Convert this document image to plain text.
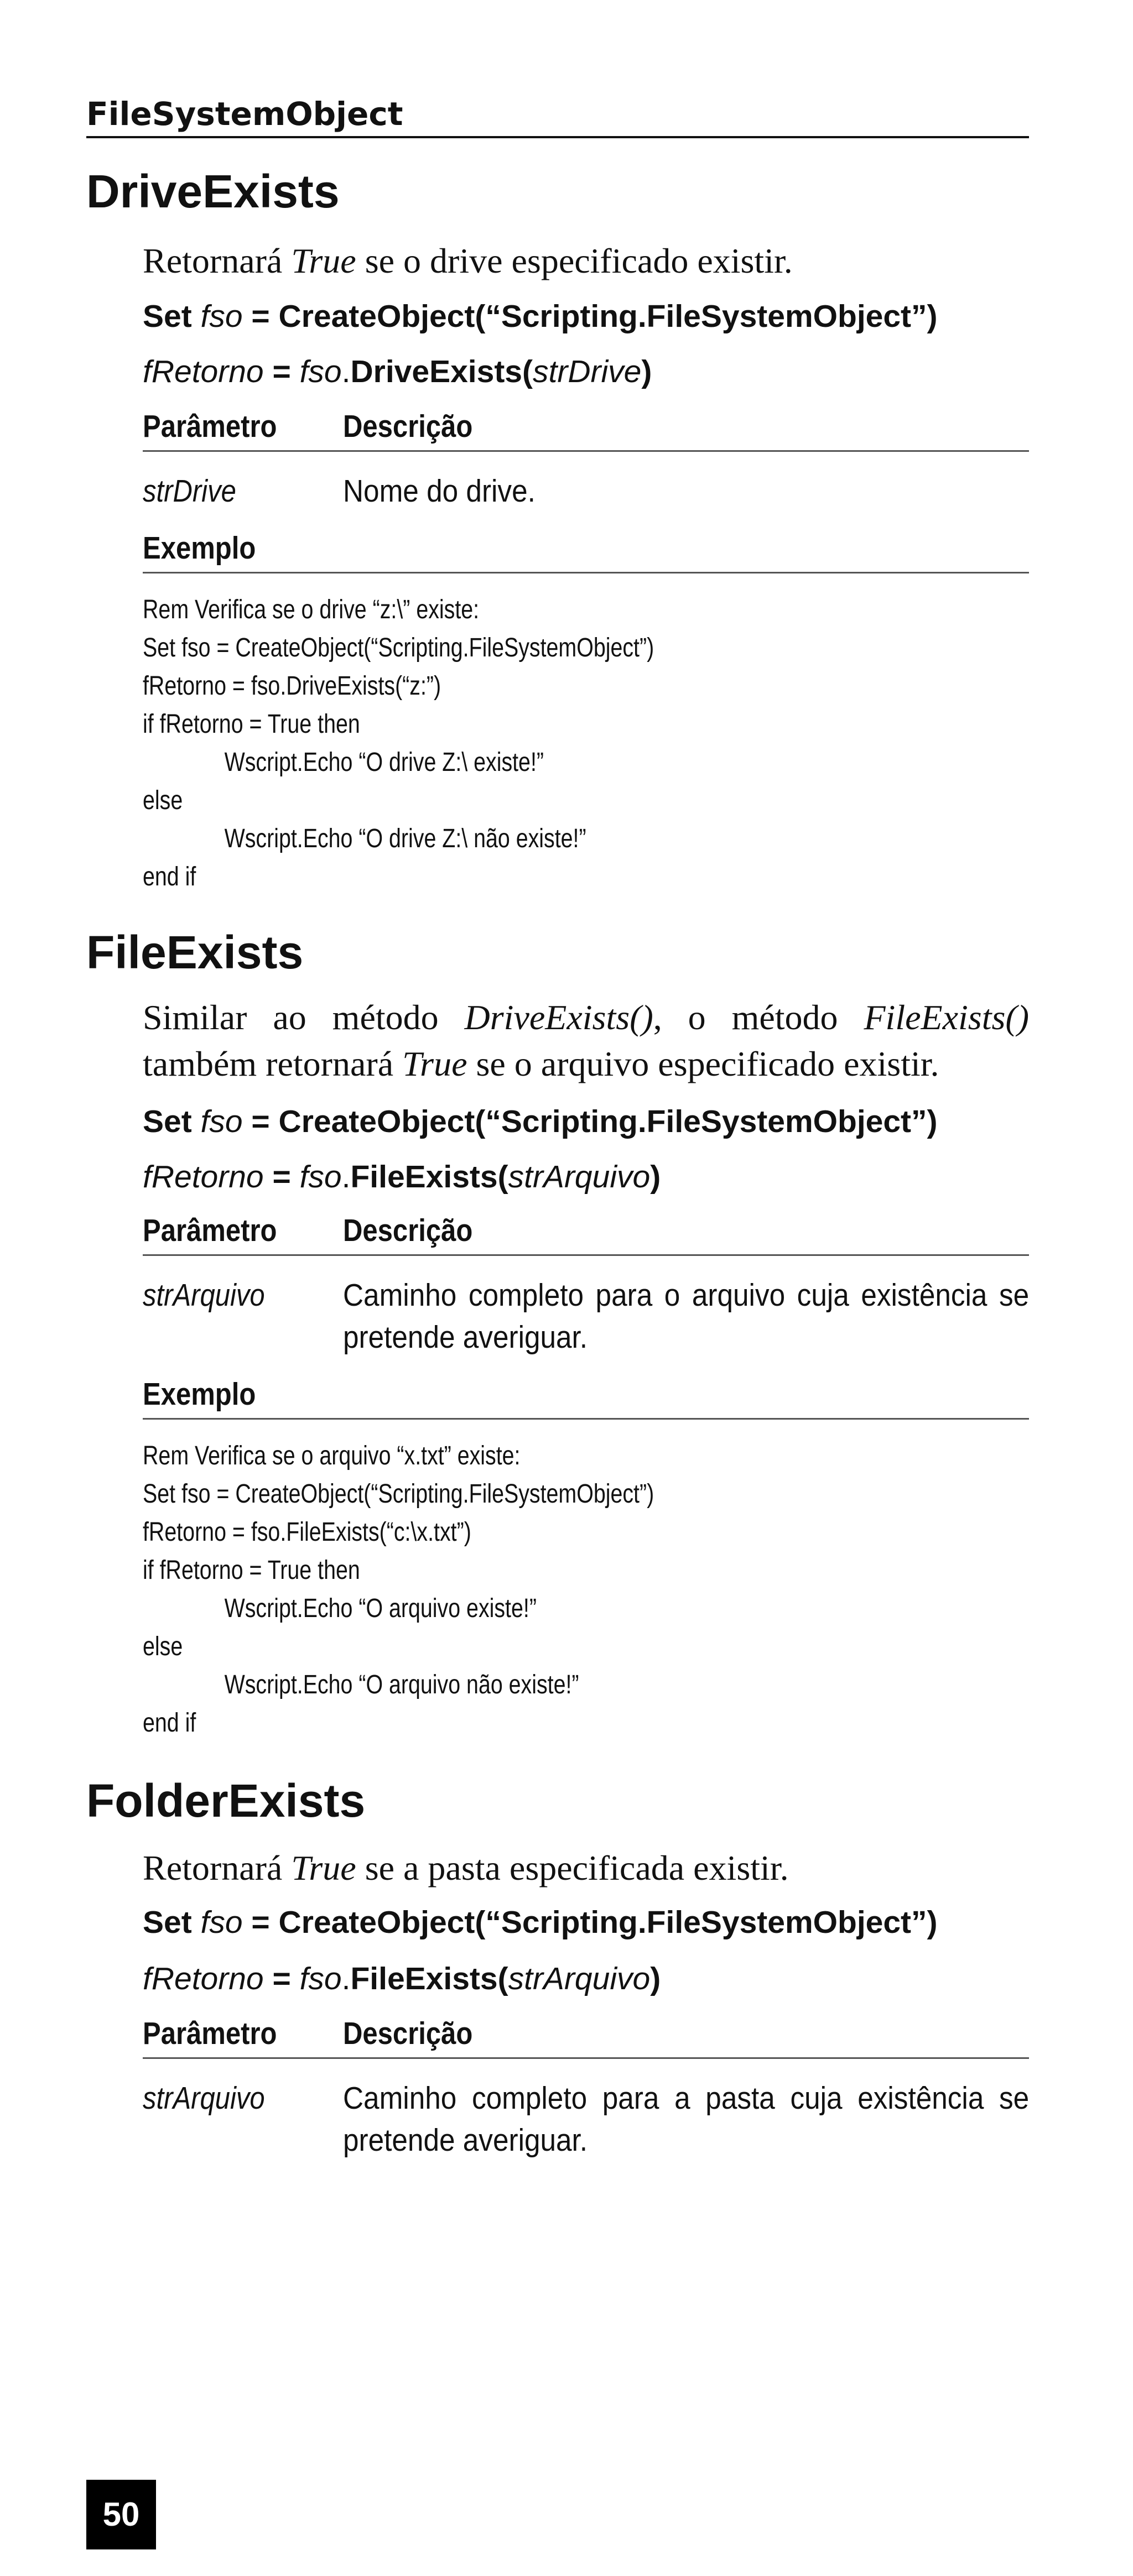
FileSystemObject
DriveExists

Retornará True se o drive especificado existir.

Set fso = CreateObject(“Scripting.FileSystemObject”)

fRetorno = fso.DriveExists(strDrive)

Parâmetro Descrição
strDrive	Nome do drive.
Exemplo
Rem Verifica se o drive “z:\” existe:
Set fso = CreateObject(“Scripting.FileSystemObject”)
fRetorno = fso.DriveExists(“z:”)
if fRetorno = True then
Wscript.Echo “O drive Z:\ existe!”
else
Wscript.Echo “O drive Z:\ não existe!”
end if
FileExists

Similar ao método DriveExists(), o método FileExists() também retornará True se o arquivo especificado existir.

Set fso = CreateObject(“Scripting.FileSystemObject”)

fRetorno = fso.FileExists(strArquivo)

Parâmetro Descrição
strArquivo Caminho completo para o arquivo cuja existência se pretende averiguar.
Exemplo
Rem Verifica se o arquivo “x.txt” existe:
Set fso = CreateObject(“Scripting.FileSystemObject”)
fRetorno = fso.FileExists(“c:\x.txt”)
if fRetorno = True then
Wscript.Echo “O arquivo existe!”
else
Wscript.Echo “O arquivo não existe!”
end if
FolderExists

Retornará True se a pasta especificada existir.

Set fso = CreateObject(“Scripting.FileSystemObject”)

fRetorno = fso.FileExists(strArquivo)

Parâmetro Descrição
strArquivo Caminho completo para a pasta cuja existência se pretende averiguar.
50
